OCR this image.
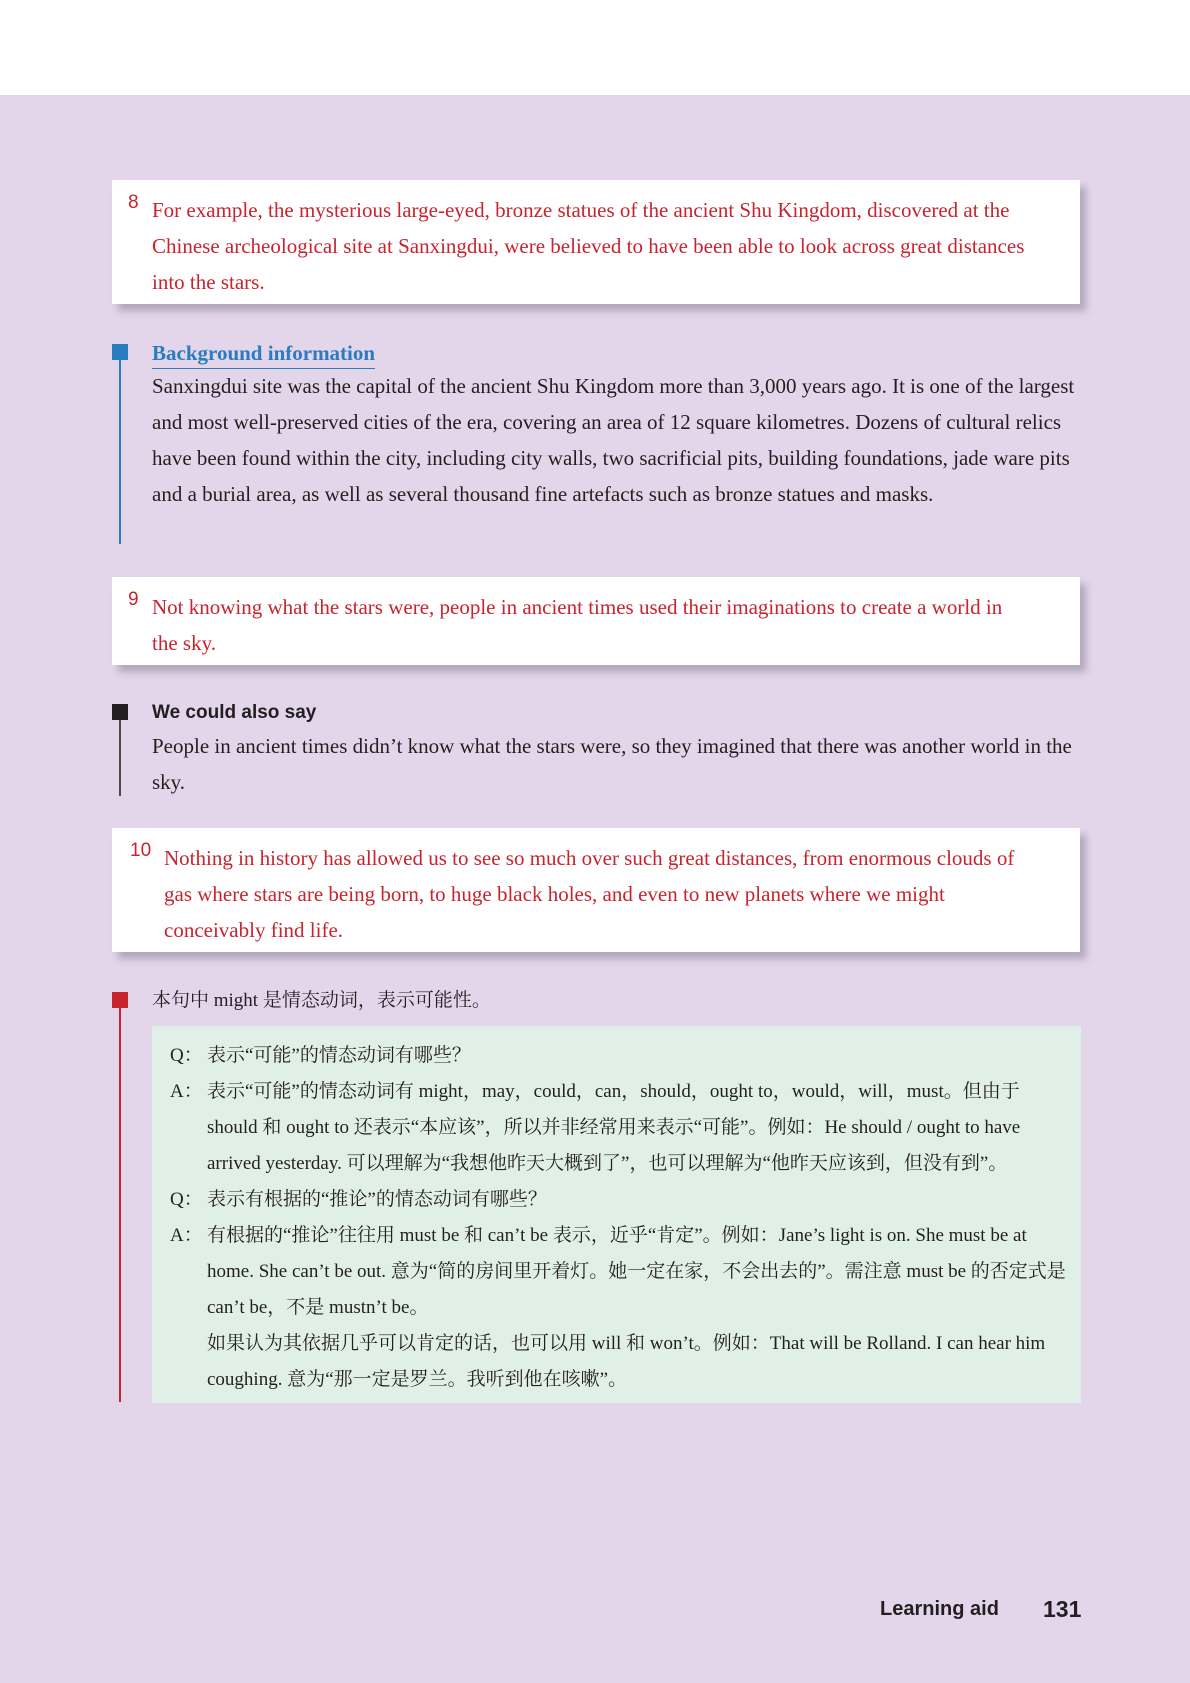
8 For example, the mysterious large-eyed, bronze statues of the ancient Shu Kingdom, discovered at the Chinese archeological site at Sanxingdui, were believed to have been able to look across great distances into the stars.

Background information

Sanxingdui site was the capital of the ancient Shu Kingdom more than 3,000 years ago. It is one of the largest and most well-preserved cities of the era, covering an area of 12 square kilometres. Dozens of cultural relics have been found within the city, including city walls, two sacrificial pits, building foundations, jade ware pits and a burial area, as well as several thousand fine artefacts such as bronze statues and masks.

9 Not knowing what the stars were, people in ancient times used their imaginations to create a world in the sky.

We could also say

People in ancient times didn’t know what the stars were, so they imagined that there was another world in the sky.

10 Nothing in history has allowed us to see so much over such great distances, from enormous clouds of gas where stars are being born, to huge black holes, and even to new planets where we might conceivably find life.

本句中 might 是情态动词，表示可能性。

Q： 表示“可能”的情态动词有哪些？

A： 表示“可能”的情态动词有 might，may，could，can，should，ought to，would，will，must。但由于 should 和 ought to 还表示“本应该”，所以并非经常用来表示“可能”。例如：He should / ought to have arrived yesterday. 可以理解为“我想他昨天大概到了”，也可以理解为“他昨天应该到，但没有到”。

Q： 表示有根据的“推论”的情态动词有哪些？

A： 有根据的“推论”往往用 must be 和 can’t be 表示，近乎“肯定”。例如：Jane’s light is on. She must be at home. She can’t be out. 意为“简的房间里开着灯。她一定在家，不会出去的”。需注意 must be 的否定式是 can’t be，不是 mustn’t be。

如果认为其依据几乎可以肯定的话，也可以用 will 和 won’t。例如：That will be Rolland. I can hear him coughing. 意为“那一定是罗兰。我听到他在咳嗽”。

Learning aid 131
